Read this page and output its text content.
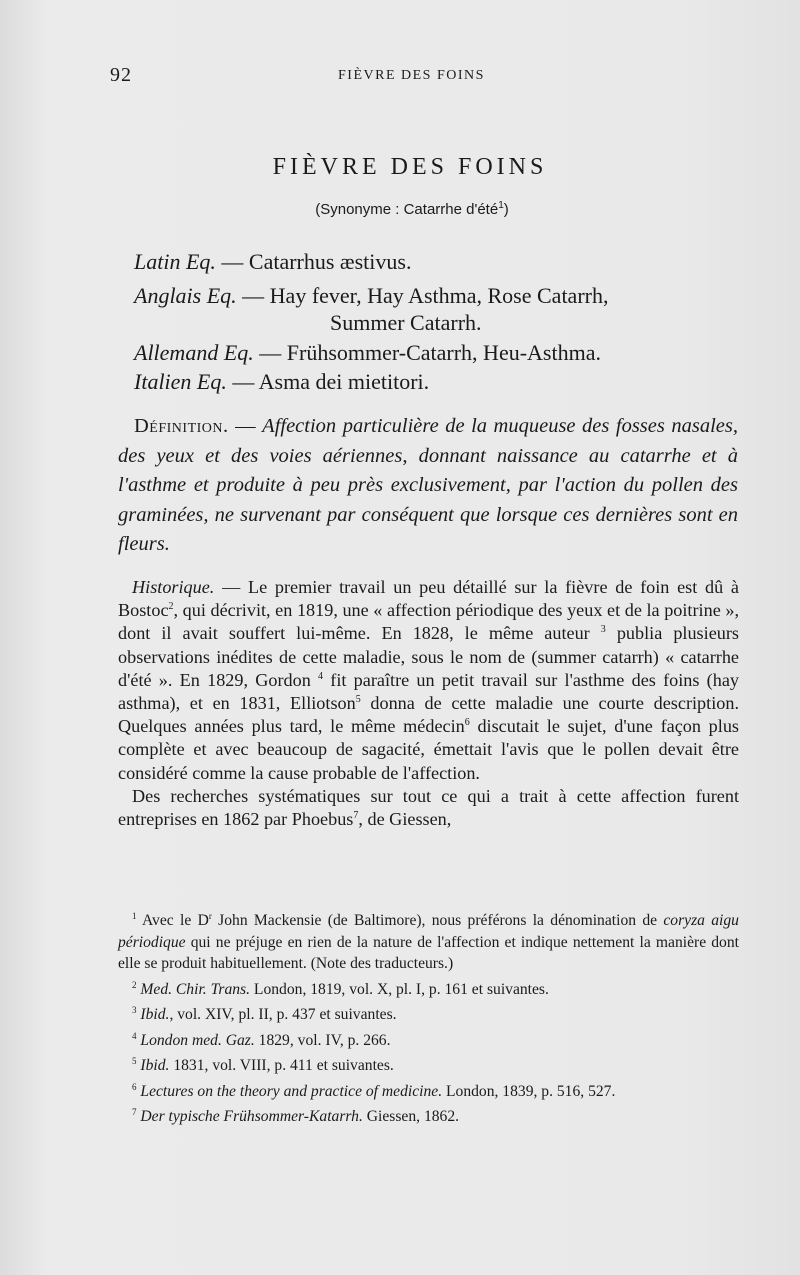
92	FIÈVRE DES FOINS
FIÈVRE DES FOINS
(Synonyme : Catarrhe d'été$^1$)
Latin Eq. — Catarrhus æstivus.
Anglais Eq. — Hay fever, Hay Asthma, Rose Catarrh,
Summer Catarrh.
Allemand Eq. — Frühsommer-Catarrh, Heu-Asthma.
Italien Eq. — Asma dei mietitori.
Définition. — Affection particulière de la muqueuse des fosses nasales, des yeux et des voies aériennes, donnant naissance au catarrhe et à l'asthme et produite à peu près exclusivement, par l'action du pollen des graminées, ne survenant par conséquent que lorsque ces dernières sont en fleurs.

Historique. — Le premier travail un peu détaillé sur la fièvre de foin est dû à Bostoc$^2$, qui décrivit, en 1819, une « affection périodique des yeux et de la poitrine », dont il avait souffert lui-même. En 1828, le même auteur $^3$ publia plusieurs observations inédites de cette maladie, sous le nom de (summer catarrh) « catarrhe d'été ». En 1829, Gordon $^4$ fit paraître un petit travail sur l'asthme des foins (hay asthma), et en 1831, Elliotson$^5$ donna de cette maladie une courte description. Quelques années plus tard, le même médecin$^6$ discutait le sujet, d'une façon plus complète et avec beaucoup de sagacité, émettait l'avis que le pollen devait être considéré comme la cause probable de l'affection.

Des recherches systématiques sur tout ce qui a trait à cette affection furent entreprises en 1862 par Phoebus$^7$, de Giessen,

$^1$ Avec le $D^r$ John Mackensie (de Baltimore), nous préférons la dénomination de coryza aigu périodique qui ne préjuge en rien de la nature de l'affection et indique nettement la manière dont elle se produit habituellement. (Note des traducteurs.)

$^2$ Med. Chir. Trans. London, 1819, vol. X, pl. I, p. 161 et suivantes.

$^3$ Ibid., vol. XIV, pl. II, p. 437 et suivantes.

$^4$ London med. Gaz. 1829, vol. IV, p. 266.

$^5$ Ibid. 1831, vol. VIII, p. 411 et suivantes.

$^6$ Lectures on the theory and practice of medicine. London, 1839, p. 516, 527.

$^7$ Der typische Frühsommer-Katarrh. Giessen, 1862.
